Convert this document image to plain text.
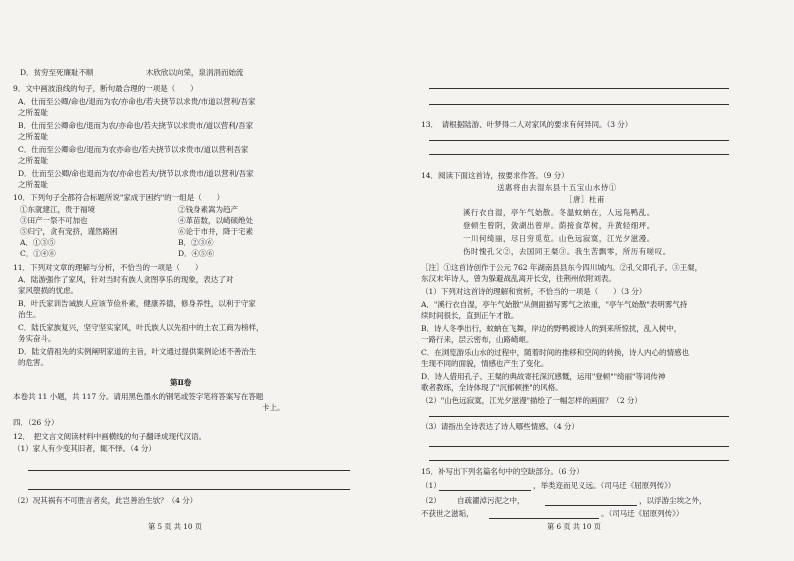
D．贫穷至死廉耻不顺　　　　　　　木欣欣以向荣，泉涓涓而始流
9．文中画波浪线的句子，断句最合理的一项是（　　）
A．仕而至公卿/命也/退而为农/亦命也/若夫挠节以求贵/市道以营利/吾家
之所羞耻
B．仕而至公卿命也/退而为农/亦命也/若夫挠节以求贵市/道以营利/吾家
之所羞耻
C．仕而至公卿命也/退而为农亦命也/若夫挠节以求贵市/道以营利吾家
之所羞耻
D．仕而至公卿/命也退而为农/亦命也若夫/挠节以求贵市/道以营利/吾家
之所羞耻
10．下列句子全都符合标题所说"家成于困约"的一组是（　　）
①东就建江，贵于福境	②钱身素嵩为趋产
③田产一祭不可加也	④革苗数，以崎硕绝处
⑤归宁，贪有宠挤，谨然路困	⑥论于市井，降于宅素
A．①③⑤	B．②③⑥
C．①④⑥	D．④⑤⑥
11．下列对文章的理解与分析，不恰当的一项是（　　）
A．陆游强作了家风，针对当时有族人贪图享乐的现象，表达了对
家风堕损的忧虑。
B．叶氏家训告诫族人应该节俭朴素，健康养德，修身养性，以利于守家
治生。
C．陆氏家族复兴，坚守坚实家风，叶氏族人以先祖中的土农工商为榜样，
务实奋斗。
D．陆文借祖先的实例阐明家道的主旨，叶文通过提供案例论述不善治生
的危害。
第Ⅱ卷
本卷共 11 小题，共 117 分。请用黑色墨水的钢笔或签字笔将答案写在答题
卡上。
四．（26 分）
12．　把文言文阅读材料中画横线的句子翻译成现代汉语。
（1）家人有少变其旧者，辄不怿。（4 分）
（2）况其祸有不可胜言者矣，此岂善治生欤？（4 分）
第 5 页 共 10 页
13．　请根据陆游、叶梦得二人对家风的要求有何异同。（3 分）
14．阅读下面这首诗，按要求作答。（9 分）
送惠将由去湿东县十五宝山水侍①
［唐］杜甫
溪行衣自湿，亭午气始散。冬温蚊蚋在，人远凫鸭乱。
登顿生曾阴，敛湖出曾岸。荫接食草树，升黄轻细坪。
一川何绮丽，尽日穷觅览。山色远寂寞，江光夕滋漫。
伤时愧孔父②，去国同王粲③。我生苦飘零，所历有嗟叹。
［注］①这首诗创作于公元 762 年湖南县县东今四川城内。②孔父即孔子。③王粲，
东汉末年诗人，曾为躲避战乱离开长安，往荆州依附刘表。
（1）下列对这首诗的理解和赏析，不恰当的一项是（　　）（3 分）
A．"溪行衣自湿，亭午气始散"从侧面描写雾气之浓重，"亭午气始散"表明雾气持
续时间很长，直到正午才散。
B．诗人冬季出行，蚊蚋在飞舞，岸边的野鸭被诗人的到来所惊扰，乱入树中，
一路行来，层云密布，山路崎岖。
C．在浏览游乐山水的过程中，随着时间的推移和空间的转换，诗人内心的情感也
生现不同的面貌，情感也产生了变化。
D．诗人借用孔子、王粲的典故寄托深沉感慨，运用"登顿""绮丽"等词传神
歌者教练，全诗体现了"沉郁顿挫"的风格。
（2）"山色远寂寞，江光夕滋漫"描绘了一幅怎样的画面？（2 分）
（3）请指出全诗表达了诗人哪些情感。（4 分）
15．补写出下列名篇名句中的空缺部分。（6 分）
（1）	，举类迩而见义远。（司马迁《屈原列传》）
（2） 自疏濯淖污泥之中，	，以浮游尘埃之外，
不获世之滋垢，	。（司马迁《屈原列传》）
第 6 页 共 10 页
